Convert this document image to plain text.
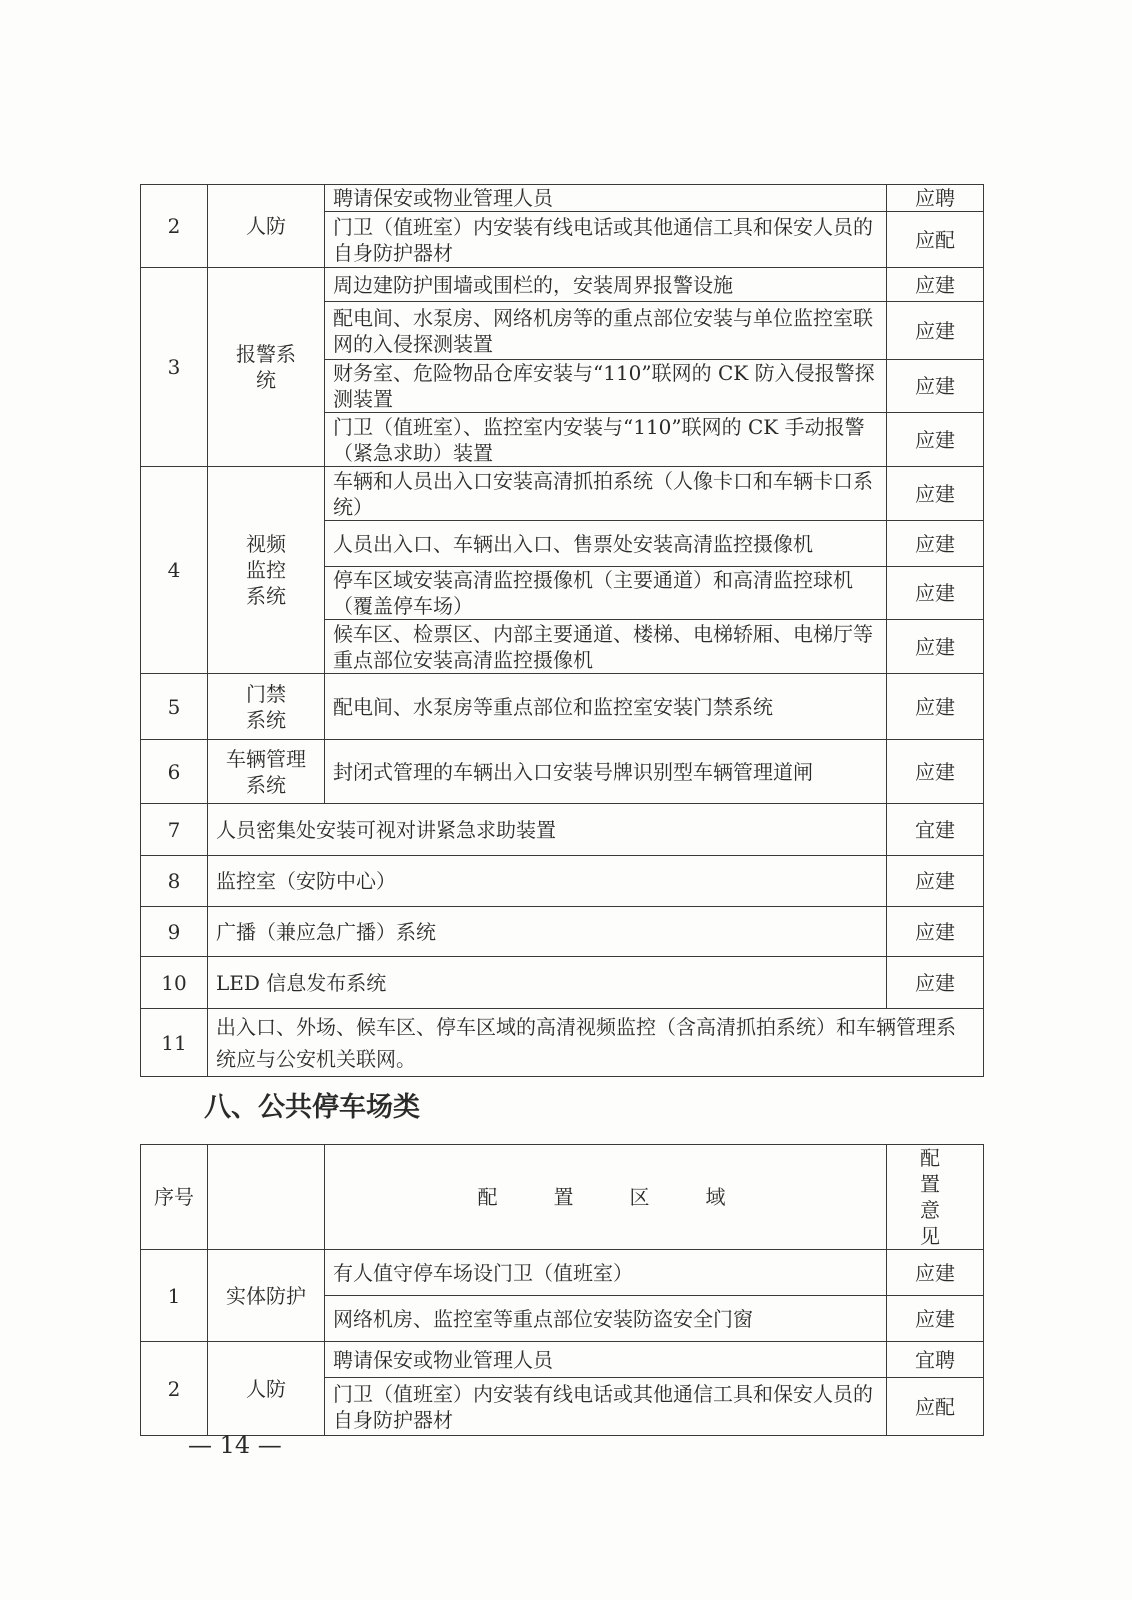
2	人防	聘请保安或物业管理人员	应聘
		门卫（值班室）内安装有线电话或其他通信工具和保安人员的自身防护器材	应配
3	报警系统	周边建防护围墙或围栏的，安装周界报警设施	应建
		配电间、水泵房、网络机房等的重点部位安装与单位监控室联网的入侵探测装置	应建
		财务室、危险物品仓库安装与“110”联网的 CK 防入侵报警探测装置	应建
		门卫（值班室）、监控室内安装与“110”联网的 CK 手动报警（紧急求助）装置	应建
4	视频监控系统	车辆和人员出入口安装高清抓拍系统（人像卡口和车辆卡口系统）	应建
		人员出入口、车辆出入口、售票处安装高清监控摄像机	应建
		停车区域安装高清监控摄像机（主要通道）和高清监控球机（覆盖停车场）	应建
		候车区、检票区、内部主要通道、楼梯、电梯轿厢、电梯厅等重点部位安装高清监控摄像机	应建
5	门禁系统	配电间、水泵房等重点部位和监控室安装门禁系统	应建
6	车辆管理系统	封闭式管理的车辆出入口安装号牌识别型车辆管理道闸	应建
7	人员密集处安装可视对讲紧急求助装置		宜建
8	监控室（安防中心）		应建
9	广播（兼应急广播）系统		应建
10	LED 信息发布系统		应建
11	出入口、外场、候车区、停车区域的高清视频监控（含高清抓拍系统）和车辆管理系统应与公安机关联网。		
八、公共停车场类
序号		配置区域	配置意见
1	实体防护	有人值守停车场设门卫（值班室）	应建
		网络机房、监控室等重点部位安装防盗安全门窗	应建
2	人防	聘请保安或物业管理人员	宜聘
		门卫（值班室）内安装有线电话或其他通信工具和保安人员的自身防护器材	应配
— 14 —
